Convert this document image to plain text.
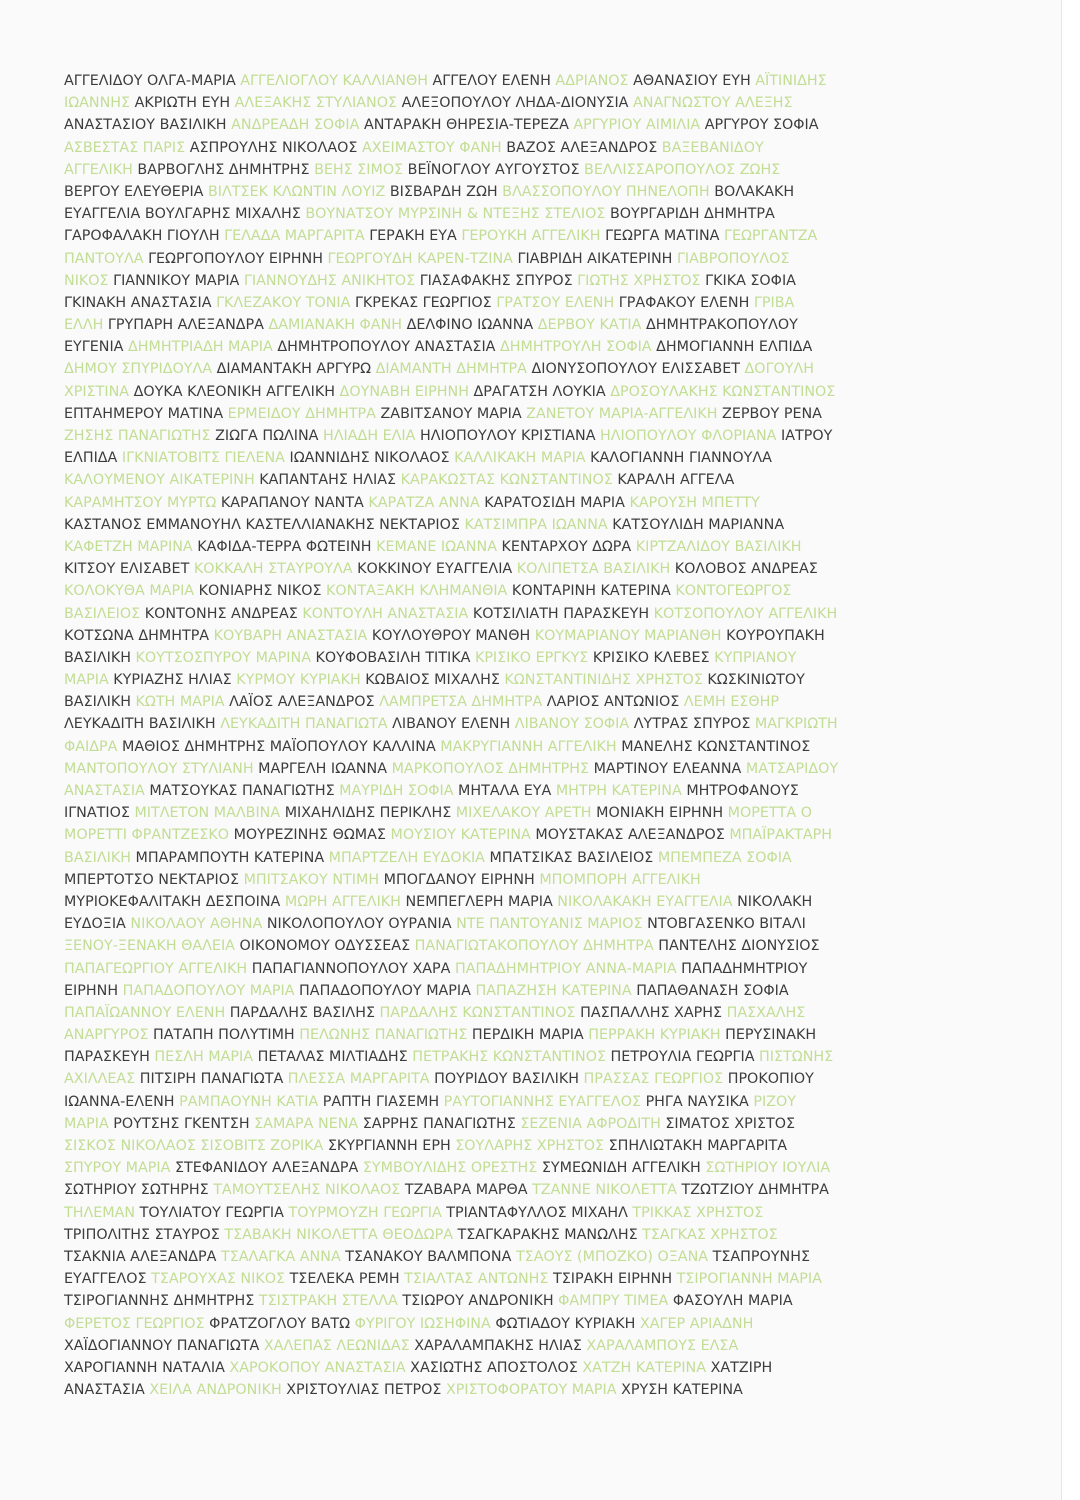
ΑΓΓΕΛΙΔΟΥ ΟΛΓΑ-ΜΑΡΙΑ ΑΓΓΕΛΙΟΓΛΟΥ ΚΑΛΛΙΑΝΘΗ ΑΓΓΕΛΟΥ ΕΛΕΝΗ ΑΔΡΙΑΝΟΣ ΑΘΑΝΑΣΙΟΥ ΕΥΗ ΑΪΤΙΝΙΔΗΣ
ΙΩΑΝΝΗΣ ΑΚΡΙΩΤΗ ΕΥΗ ΑΛΕΞΑΚΗΣ ΣΤΥΛΙΑΝΟΣ ΑΛΕΞΟΠΟΥΛΟΥ ΛΗΔΑ-ΔΙΟΝΥΣΙΑ ΑΝΑΓΝΩΣΤΟΥ ΑΛΕΞΗΣ
ΑΝΑΣΤΑΣΙΟΥ ΒΑΣΙΛΙΚΗ ΑΝΔΡΕΑΔΗ ΣΟΦΙΑ ΑΝΤΑΡΑΚΗ ΘΗΡΕΣΙΑ-ΤΕΡΕΖΑ ΑΡΓΥΡΙΟΥ ΑΙΜΙΛΙΑ ΑΡΓΥΡΟΥ ΣΟΦΙΑ
ΑΣΒΕΣΤΑΣ ΠΑΡΙΣ ΑΣΠΡΟΥΛΗΣ ΝΙΚΟΛΑΟΣ ΑΧΕΙΜΑΣΤΟΥ ΦΑΝΗ ΒΑΖΟΣ ΑΛΕΞΑΝΔΡΟΣ ΒΑΞΕΒΑΝΙΔΟΥ
ΑΓΓΕΛΙΚΗ ΒΑΡΒΟΓΛΗΣ ΔΗΜΗΤΡΗΣ ΒΕΗΣ ΣΙΜΟΣ ΒΕΪΝΟΓΛΟΥ ΑΥΓΟΥΣΤΟΣ ΒΕΛΛΙΣΣΑΡΟΠΟΥΛΟΣ ΖΩΗΣ
ΒΕΡΓΟΥ ΕΛΕΥΘΕΡΙΑ ΒΙΛΤΣΕΚ ΚΛΩΝΤΙΝ ΛΟΥΙΖ ΒΙΣΒΑΡΔΗ ΖΩΗ ΒΛΑΣΣΟΠΟΥΛΟΥ ΠΗΝΕΛΟΠΗ ΒΟΛΑΚΑΚΗ
ΕΥΑΓΓΕΛΙΑ ΒΟΥΛΓΑΡΗΣ ΜΙΧΑΛΗΣ ΒΟΥΝΑΤΣΟΥ ΜΥΡΣΙΝΗ & ΝΤΕΞΗΣ ΣΤΕΛΙΟΣ ΒΟΥΡΓΑΡΙΔΗ ΔΗΜΗΤΡΑ
ΓΑΡΟΦΑΛΑΚΗ ΓΙΟΥΛΗ ΓΕΛΑΔΑ ΜΑΡΓΑΡΙΤΑ ΓΕΡΑΚΗ ΕΥΑ ΓΕΡΟΥΚΗ ΑΓΓΕΛΙΚΗ ΓΕΩΡΓΑ ΜΑΤΙΝΑ ΓΕΩΡΓΑΝΤΖΑ
ΠΑΝΤΟΥΛΑ ΓΕΩΡΓΟΠΟΥΛΟΥ ΕΙΡΗΝΗ ΓΕΩΡΓΟΥΔΗ ΚΑΡΕΝ-ΤΖΙΝΑ ΓΙΑΒΡΙΔΗ ΑΙΚΑΤΕΡΙΝΗ ΓΙΑΒΡΟΠΟΥΛΟΣ
ΝΙΚΟΣ ΓΙΑΝΝΙΚΟΥ ΜΑΡΙΑ ΓΙΑΝΝΟΥΔΗΣ ΑΝΙΚΗΤΟΣ ΓΙΑΣΑΦΑΚΗΣ ΣΠΥΡΟΣ ΓΙΩΤΗΣ ΧΡΗΣΤΟΣ ΓΚΙΚΑ ΣΟΦΙΑ
ΓΚΙΝΑΚΗ ΑΝΑΣΤΑΣΙΑ ΓΚΛΕΖΑΚΟΥ ΤΟΝΙΑ ΓΚΡΕΚΑΣ ΓΕΩΡΓΙΟΣ ΓΡΑΤΣΟΥ ΕΛΕΝΗ ΓΡΑΦΑΚΟΥ ΕΛΕΝΗ ΓΡΙΒΑ
ΕΛΛΗ ΓΡΥΠΑΡΗ ΑΛΕΞΑΝΔΡΑ ΔΑΜΙΑΝΑΚΗ ΦΑΝΗ ΔΕΛΦΙΝΟ ΙΩΑΝΝΑ ΔΕΡΒΟΥ ΚΑΤΙΑ ΔΗΜΗΤΡΑΚΟΠΟΥΛΟΥ
ΕΥΓΕΝΙΑ ΔΗΜΗΤΡΙΑΔΗ ΜΑΡΙΑ ΔΗΜΗΤΡΟΠΟΥΛΟΥ ΑΝΑΣΤΑΣΙΑ ΔΗΜΗΤΡΟΥΛΗ ΣΟΦΙΑ ΔΗΜΟΓΙΑΝΝΗ ΕΛΠΙΔΑ
ΔΗΜΟΥ ΣΠΥΡΙΔΟΥΛΑ ΔΙΑΜΑΝΤΑΚΗ ΑΡΓΥΡΩ ΔΙΑΜΑΝΤΗ ΔΗΜΗΤΡΑ ΔΙΟΝΥΣΟΠΟΥΛΟΥ ΕΛΙΣΣΑΒΕΤ ΔΟΓΟΥΛΗ
ΧΡΙΣΤΙΝΑ ΔΟΥΚΑ ΚΛΕΟΝΙΚΗ ΑΓΓΕΛΙΚΗ ΔΟΥΝΑΒΗ ΕΙΡΗΝΗ ΔΡΑΓΑΤΣΗ ΛΟΥΚΙΑ ΔΡΟΣΟΥΛΑΚΗΣ ΚΩΝΣΤΑΝΤΙΝΟΣ
ΕΠΤΑΗΜΕΡΟΥ ΜΑΤΙΝΑ ΕΡΜΕΙΔΟΥ ΔΗΜΗΤΡΑ ΖΑΒΙΤΣΑΝΟΥ ΜΑΡΙΑ ΖΑΝΕΤΟΥ ΜΑΡΙΑ-ΑΓΓΕΛΙΚΗ ΖΕΡΒΟΥ ΡΕΝΑ
ΖΗΣΗΣ ΠΑΝΑΓΙΩΤΗΣ ΖΙΩΓΑ ΠΩΛΙΝΑ ΗΛΙΑΔΗ ΕΛΙΑ ΗΛΙΟΠΟΥΛΟΥ ΚΡΙΣΤΙΑΝΑ ΗΛΙΟΠΟΥΛΟΥ ΦΛΟΡΙΑΝΑ ΙΑΤΡΟΥ
ΕΛΠΙΔΑ ΙΓΚΝΙΑΤΟΒΙΤΣ ΓΙΕΛΕΝΑ ΙΩΑΝΝΙΔΗΣ ΝΙΚΟΛΑΟΣ ΚΑΛΛΙΚΑΚΗ ΜΑΡΙΑ ΚΑΛΟΓΙΑΝΝΗ ΓΙΑΝΝΟΥΛΑ
ΚΑΛΟΥΜΕΝΟΥ ΑΙΚΑΤΕΡΙΝΗ ΚΑΠΑΝΤΑΗΣ ΗΛΙΑΣ ΚΑΡΑΚΩΣΤΑΣ ΚΩΝΣΤΑΝΤΙΝΟΣ ΚΑΡΑΛΗ ΑΓΓΕΛΑ
ΚΑΡΑΜΗΤΣΟΥ ΜΥΡΤΩ ΚΑΡΑΠΑΝΟΥ ΝΑΝΤΑ ΚΑΡΑΤΖΑ ΑΝΝΑ ΚΑΡΑΤΟΣΙΔΗ ΜΑΡΙΑ ΚΑΡΟΥΣΗ ΜΠΕΤΤΥ
ΚΑΣΤΑΝΟΣ ΕΜΜΑΝΟΥΗΛ ΚΑΣΤΕΛΛΙΑΝΑΚΗΣ ΝΕΚΤΑΡΙΟΣ ΚΑΤΣΙΜΠΡΑ ΙΩΑΝΝΑ ΚΑΤΣΟΥΛΙΔΗ ΜΑΡΙΑΝΝΑ
ΚΑΦΕΤΖΗ ΜΑΡΙΝΑ ΚΑΦΙΔΑ-ΤΕΡΡΑ ΦΩΤΕΙΝΗ ΚΕΜΑΝΕ ΙΩΑΝΝΑ ΚΕΝΤΑΡΧΟΥ ΔΩΡΑ ΚΙΡΤΖΑΛΙΔΟΥ ΒΑΣΙΛΙΚΗ
ΚΙΤΣΟΥ ΕΛΙΣΑΒΕΤ ΚΟΚΚΑΛΗ ΣΤΑΥΡΟΥΛΑ ΚΟΚΚΙΝΟΥ ΕΥΑΓΓΕΛΙΑ ΚΟΛΙΠΕΤΣΑ ΒΑΣΙΛΙΚΗ ΚΟΛΟΒΟΣ ΑΝΔΡΕΑΣ
ΚΟΛΟΚΥΘΑ ΜΑΡΙΑ ΚΟΝΙΑΡΗΣ ΝΙΚΟΣ ΚΟΝΤΑΞΑΚΗ ΚΛΗΜΑΝΘΙΑ ΚΟΝΤΑΡΙΝΗ ΚΑΤΕΡΙΝΑ ΚΟΝΤΟΓΕΩΡΓΟΣ
ΒΑΣΙΛΕΙΟΣ ΚΟΝΤΟΝΗΣ ΑΝΔΡΕΑΣ ΚΟΝΤΟΥΛΗ ΑΝΑΣΤΑΣΙΑ ΚΟΤΣΙΛΙΑΤΗ ΠΑΡΑΣΚΕΥΗ ΚΟΤΣΟΠΟΥΛΟΥ ΑΓΓΕΛΙΚΗ
ΚΟΤΣΩΝΑ ΔΗΜΗΤΡΑ ΚΟΥΒΑΡΗ ΑΝΑΣΤΑΣΙΑ ΚΟΥΛΟΥΘΡΟΥ ΜΑΝΘΗ ΚΟΥΜΑΡΙΑΝΟΥ ΜΑΡΙΑΝΘΗ ΚΟΥΡΟΥΠΑΚΗ
ΒΑΣΙΛΙΚΗ ΚΟΥΤΣΟΣΠΥΡΟΥ ΜΑΡΙΝΑ ΚΟΥΦΟΒΑΣΙΛΗ ΤΙΤΙΚΑ ΚΡΙΣΙΚΟ ΕΡΓΚΥΣ ΚΡΙΣΙΚΟ ΚΛΕΒΕΣ ΚΥΠΡΙΑΝΟΥ
ΜΑΡΙΑ ΚΥΡΙΑΖΗΣ ΗΛΙΑΣ ΚΥΡΜΟΥ ΚΥΡΙΑΚΗ ΚΩΒΑΙΟΣ ΜΙΧΑΛΗΣ ΚΩΝΣΤΑΝΤΙΝΙΔΗΣ ΧΡΗΣΤΟΣ ΚΩΣΚΙΝΙΩΤΟΥ
ΒΑΣΙΛΙΚΗ ΚΩΤΗ ΜΑΡΙΑ ΛΑΪΟΣ ΑΛΕΞΑΝΔΡΟΣ ΛΑΜΠΡΕΤΣΑ ΔΗΜΗΤΡΑ ΛΑΡΙΟΣ ΑΝΤΩΝΙΟΣ ΛΕΜΗ ΕΣΘΗΡ
ΛΕΥΚΑΔΙΤΗ ΒΑΣΙΛΙΚΗ ΛΕΥΚΑΔΙΤΗ ΠΑΝΑΓΙΩΤΑ ΛΙΒΑΝΟΥ ΕΛΕΝΗ ΛΙΒΑΝΟΥ ΣΟΦΙΑ ΛΥΤΡΑΣ ΣΠΥΡΟΣ ΜΑΓΚΡΙΩΤΗ
ΦΑΙΔΡΑ ΜΑΘΙΟΣ ΔΗΜΗΤΡΗΣ ΜΑΪΟΠΟΥΛΟΥ ΚΑΛΛΙΝΑ ΜΑΚΡΥΓΙΑΝΝΗ ΑΓΓΕΛΙΚΗ ΜΑΝΕΛΗΣ ΚΩΝΣΤΑΝΤΙΝΟΣ
ΜΑΝΤΟΠΟΥΛΟΥ ΣΤΥΛΙΑΝΗ ΜΑΡΓΕΛΗ ΙΩΑΝΝΑ ΜΑΡΚΟΠΟΥΛΟΣ ΔΗΜΗΤΡΗΣ ΜΑΡΤΙΝΟΥ ΕΛΕΑΝΝΑ ΜΑΤΣΑΡΙΔΟΥ
ΑΝΑΣΤΑΣΙΑ ΜΑΤΣΟΥΚΑΣ ΠΑΝΑΓΙΩΤΗΣ ΜΑΥΡΙΔΗ ΣΟΦΙΑ ΜΗΤΑΛΑ ΕΥΑ ΜΗΤΡΗ ΚΑΤΕΡΙΝΑ ΜΗΤΡΟΦΑΝΟΥΣ
ΙΓΝΑΤΙΟΣ ΜΙΤΛΕΤΟΝ ΜΑΛΒΙΝΑ ΜΙΧΑΗΛΙΔΗΣ ΠΕΡΙΚΛΗΣ ΜΙΧΕΛΑΚΟΥ ΑΡΕΤΗ ΜΟΝΙΑΚΗ ΕΙΡΗΝΗ ΜΟΡΕΤΤΑ Ο
ΜΟΡΕΤΤΙ ΦΡΑΝΤΖΕΣΚΟ ΜΟΥΡΕΖΙΝΗΣ ΘΩΜΑΣ ΜΟΥΣΙΟΥ ΚΑΤΕΡΙΝΑ ΜΟΥΣΤΑΚΑΣ ΑΛΕΞΑΝΔΡΟΣ ΜΠΑΪΡΑΚΤΑΡΗ
ΒΑΣΙΛΙΚΗ ΜΠΑΡΑΜΠΟΥΤΗ ΚΑΤΕΡΙΝΑ ΜΠΑΡΤΖΕΛΗ ΕΥΔΟΚΙΑ ΜΠΑΤΣΙΚΑΣ ΒΑΣΙΛΕΙΟΣ ΜΠΕΜΠΕΖΑ ΣΟΦΙΑ
ΜΠΕΡΤΟΤΣΟ ΝΕΚΤΑΡΙΟΣ ΜΠΙΤΣΑΚΟΥ ΝΤΙΜΗ ΜΠΟΓΔΑΝΟΥ ΕΙΡΗΝΗ ΜΠΟΜΠΟΡΗ ΑΓΓΕΛΙΚΗ
ΜΥΡΙΟΚΕΦΑΛΙΤΑΚΗ ΔΕΣΠΟΙΝΑ ΜΩΡΗ ΑΓΓΕΛΙΚΗ ΝΕΜΠΕΓΛΕΡΗ ΜΑΡΙΑ ΝΙΚΟΛΑΚΑΚΗ ΕΥΑΓΓΕΛΙΑ ΝΙΚΟΛΑΚΗ
ΕΥΔΟΞΙΑ ΝΙΚΟΛΑΟΥ ΑΘΗΝΑ ΝΙΚΟΛΟΠΟΥΛΟΥ ΟΥΡΑΝΙΑ ΝΤΕ ΠΑΝΤΟΥΑΝΙΣ ΜΑΡΙΟΣ ΝΤΟΒΓΑΣΕΝΚΟ ΒΙΤΑΛΙ
ΞΕΝΟΥ-ΞΕΝΑΚΗ ΘΑΛΕΙΑ ΟΙΚΟΝΟΜΟΥ ΟΔΥΣΣΕΑΣ ΠΑΝΑΓΙΩΤΑΚΟΠΟΥΛΟΥ ΔΗΜΗΤΡΑ ΠΑΝΤΕΛΗΣ ΔΙΟΝΥΣΙΟΣ
ΠΑΠΑΓΕΩΡΓΙΟΥ ΑΓΓΕΛΙΚΗ ΠΑΠΑΓΙΑΝΝΟΠΟΥΛΟΥ ΧΑΡΑ ΠΑΠΑΔΗΜΗΤΡΙΟΥ ΑΝΝΑ-ΜΑΡΙΑ ΠΑΠΑΔΗΜΗΤΡΙΟΥ
ΕΙΡΗΝΗ ΠΑΠΑΔΟΠΟΥΛΟΥ ΜΑΡΙΑ ΠΑΠΑΔΟΠΟΥΛΟΥ ΜΑΡΙΑ ΠΑΠΑΖΗΣΗ ΚΑΤΕΡΙΝΑ ΠΑΠΑΘΑΝΑΣΗ ΣΟΦΙΑ
ΠΑΠΑΪΩΑΝΝΟΥ ΕΛΕΝΗ ΠΑΡΔΑΛΗΣ ΒΑΣΙΛΗΣ ΠΑΡΔΑΛΗΣ ΚΩΝΣΤΑΝΤΙΝΟΣ ΠΑΣΠΑΛΛΗΣ ΧΑΡΗΣ ΠΑΣΧΑΛΗΣ
ΑΝΑΡΓΥΡΟΣ ΠΑΤΑΠΗ ΠΟΛΥΤΙΜΗ ΠΕΛΩΝΗΣ ΠΑΝΑΓΙΩΤΗΣ ΠΕΡΔΙΚΗ ΜΑΡΙΑ ΠΕΡΡΑΚΗ ΚΥΡΙΑΚΗ ΠΕΡΥΣΙΝΑΚΗ
ΠΑΡΑΣΚΕΥΗ ΠΕΣΛΗ ΜΑΡΙΑ ΠΕΤΑΛΑΣ ΜΙΛΤΙΑΔΗΣ ΠΕΤΡΑΚΗΣ ΚΩΝΣΤΑΝΤΙΝΟΣ ΠΕΤΡΟΥΛΙΑ ΓΕΩΡΓΙΑ ΠΙΣΤΩΝΗΣ
ΑΧΙΛΛΕΑΣ ΠΙΤΣΙΡΗ ΠΑΝΑΓΙΩΤΑ ΠΛΕΣΣΑ ΜΑΡΓΑΡΙΤΑ ΠΟΥΡΙΔΟΥ ΒΑΣΙΛΙΚΗ ΠΡΑΣΣΑΣ ΓΕΩΡΓΙΟΣ ΠΡΟΚΟΠΙΟΥ
ΙΩΑΝΝΑ-ΕΛΕΝΗ ΡΑΜΠΑΟΥΝΗ ΚΑΤΙΑ ΡΑΠΤΗ ΓΙΑΣΕΜΗ ΡΑΥΤΟΓΙΑΝΝΗΣ ΕΥΑΓΓΕΛΟΣ ΡΗΓΑ ΝΑΥΣΙΚΑ ΡΙΖΟΥ
ΜΑΡΙΑ ΡΟΥΤΣΗΣ ΓΚΕΝΤΣΗ ΣΑΜΑΡΑ ΝΕΝΑ ΣΑΡΡΗΣ ΠΑΝΑΓΙΩΤΗΣ ΣΕΖΕΝΙΑ ΑΦΡΟΔΙΤΗ ΣΙΜΑΤΟΣ ΧΡΙΣΤΟΣ
ΣΙΣΚΟΣ ΝΙΚΟΛΑΟΣ ΣΙΣΟΒΙΤΣ ΖΟΡΙΚΑ ΣΚΥΡΓΙΑΝΝΗ ΕΡΗ ΣΟΥΛΑΡΗΣ ΧΡΗΣΤΟΣ ΣΠΗΛΙΩΤΑΚΗ ΜΑΡΓΑΡΙΤΑ
ΣΠΥΡΟΥ ΜΑΡΙΑ ΣΤΕΦΑΝΙΔΟΥ ΑΛΕΞΑΝΔΡΑ ΣΥΜΒΟΥΛΙΔΗΣ ΟΡΕΣΤΗΣ ΣΥΜΕΩΝΙΔΗ ΑΓΓΕΛΙΚΗ ΣΩΤΗΡΙΟΥ ΙΟΥΛΙΑ
ΣΩΤΗΡΙΟΥ ΣΩΤΗΡΗΣ ΤΑΜΟΥΤΣΕΛΗΣ ΝΙΚΟΛΑΟΣ ΤΖΑΒΑΡΑ ΜΑΡΘΑ ΤΖΑΝΝΕ ΝΙΚΟΛΕΤΤΑ ΤΖΩΤΖΙΟΥ ΔΗΜΗΤΡΑ
ΤΗΛΕΜΑΝ ΤΟΥΛΙΑΤΟΥ ΓΕΩΡΓΙΑ ΤΟΥΡΜΟΥΖΗ ΓΕΩΡΓΙΑ ΤΡΙΑΝΤΑΦΥΛΛΟΣ ΜΙΧΑΗΛ ΤΡΙΚΚΑΣ ΧΡΗΣΤΟΣ
ΤΡΙΠΟΛΙΤΗΣ ΣΤΑΥΡΟΣ ΤΣΑΒΑΚΗ ΝΙΚΟΛΕΤΤΑ ΘΕΟΔΩΡΑ ΤΣΑΓΚΑΡΑΚΗΣ ΜΑΝΩΛΗΣ ΤΣΑΓΚΑΣ ΧΡΗΣΤΟΣ
ΤΣΑΚΝΙΑ ΑΛΕΞΑΝΔΡΑ ΤΣΑΛΑΓΚΑ ΑΝΝΑ ΤΣΑΝΑΚΟΥ ΒΑΛΜΠΟΝΑ ΤΣΑΟΥΣ (ΜΠΟΖΚΟ) ΟΞΑΝΑ ΤΣΑΠΡΟΥΝΗΣ
ΕΥΑΓΓΕΛΟΣ ΤΣΑΡΟΥΧΑΣ ΝΙΚΟΣ ΤΣΕΛΕΚΑ ΡΕΜΗ ΤΣΙΑΛΤΑΣ ΑΝΤΩΝΗΣ ΤΣΙΡΑΚΗ ΕΙΡΗΝΗ ΤΣΙΡΟΓΙΑΝΝΗ ΜΑΡΙΑ
ΤΣΙΡΟΓΙΑΝΝΗΣ ΔΗΜΗΤΡΗΣ ΤΣΙΣΤΡΑΚΗ ΣΤΕΛΛΑ ΤΣΙΩΡΟΥ ΑΝΔΡΟΝΙΚΗ ΦΑΜΠΡΥ ΤΙΜΕΑ ΦΑΣΟΥΛΗ ΜΑΡΙΑ
ΦΕΡΕΤΟΣ ΓΕΩΡΓΙΟΣ ΦΡΑΤΖΟΓΛΟΥ ΒΑΤΩ ΦΥΡΙΓΟΥ ΙΩΣΗΦΙΝΑ ΦΩΤΙΑΔΟΥ ΚΥΡΙΑΚΗ ΧΑΓΕΡ ΑΡΙΑΔΝΗ
ΧΑΪΔΟΓΙΑΝΝΟΥ ΠΑΝΑΓΙΩΤΑ ΧΑΛΕΠΑΣ ΛΕΩΝΙΔΑΣ ΧΑΡΑΛΑΜΠΑΚΗΣ ΗΛΙΑΣ ΧΑΡΑΛΑΜΠΟΥΣ ΕΛΣΑ
ΧΑΡΟΓΙΑΝΝΗ ΝΑΤΑΛΙΑ ΧΑΡΟΚΟΠΟΥ ΑΝΑΣΤΑΣΙΑ ΧΑΣΙΩΤΗΣ ΑΠΟΣΤΟΛΟΣ ΧΑΤΖΗ ΚΑΤΕΡΙΝΑ ΧΑΤΖΙΡΗ
ΑΝΑΣΤΑΣΙΑ ΧΕΙΛΑ ΑΝΔΡΟΝΙΚΗ ΧΡΙΣΤΟΥΛΙΑΣ ΠΕΤΡΟΣ ΧΡΙΣΤΟΦΟΡΑΤΟΥ ΜΑΡΙΑ ΧΡΥΣΗ ΚΑΤΕΡΙΝΑ
